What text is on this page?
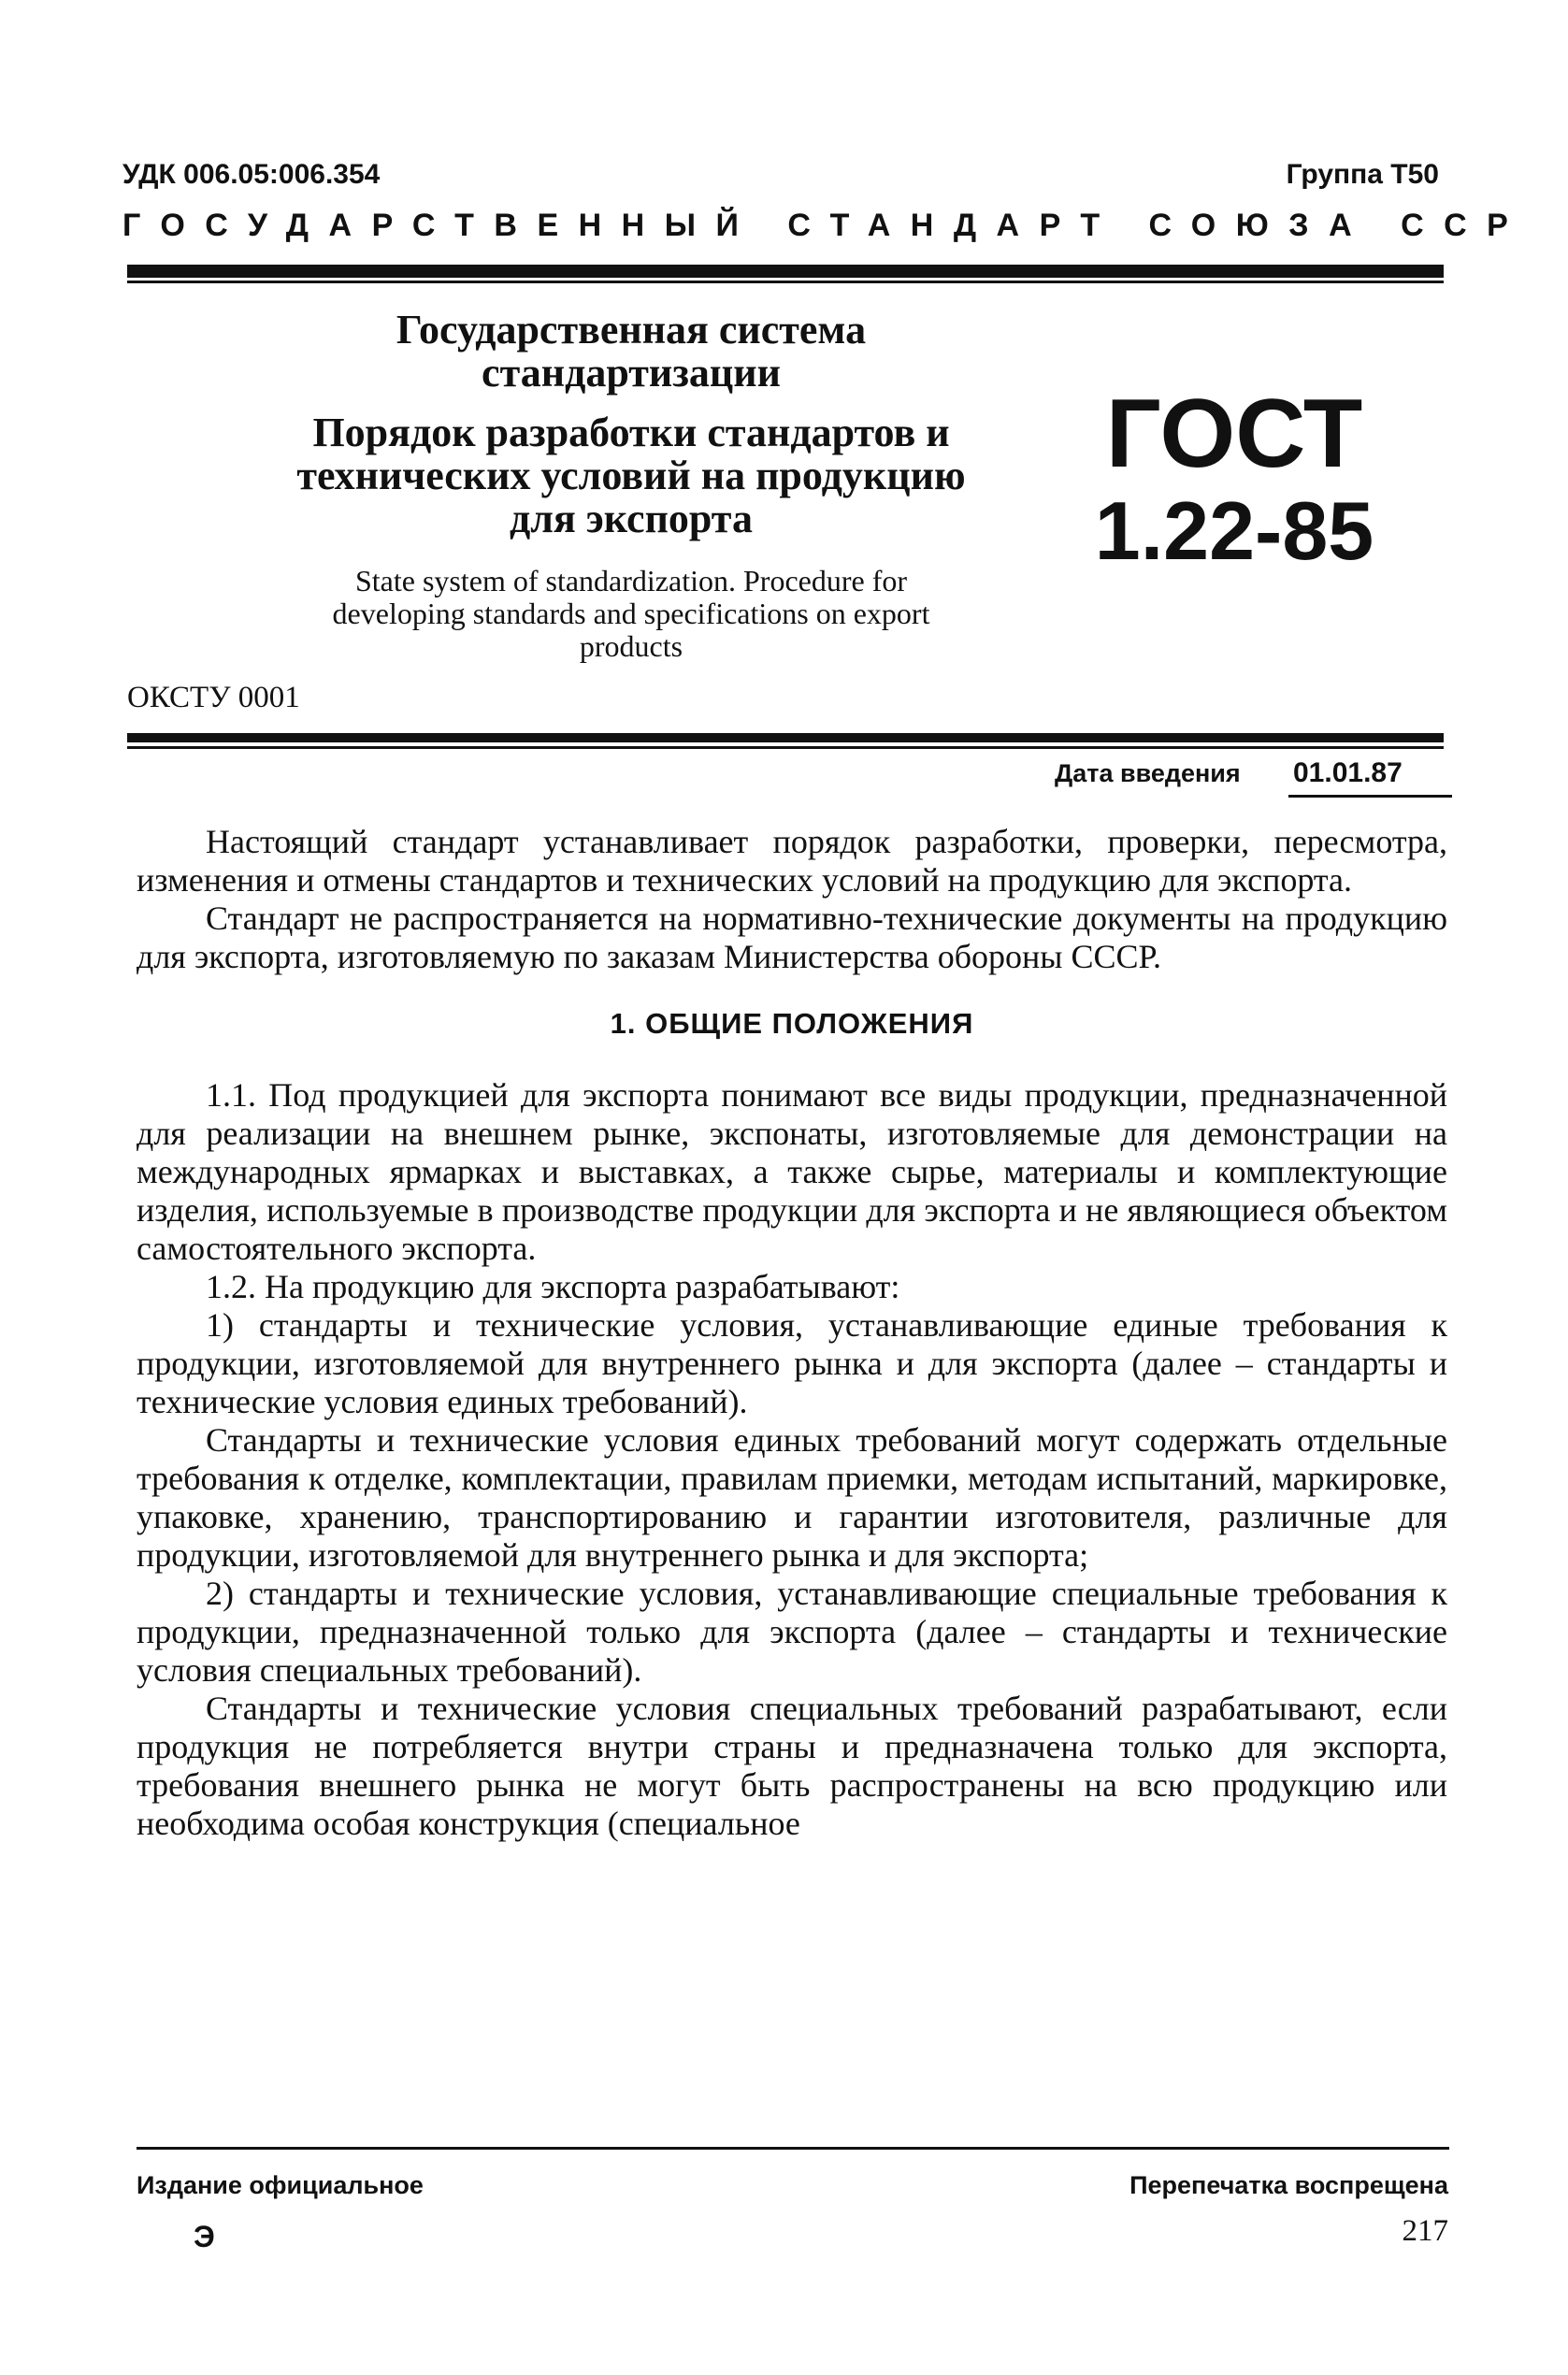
УДК 006.05:006.354	Группа Т50
ГОСУДАРСТВЕННЫЙ СТАНДАРТ СОЮЗА ССР
Государственная система стандартизации
Порядок разработки стандартов и технических условий на продукцию для экспорта
State system of standardization. Procedure for developing standards and specifications on export products
ГОСТ
1.22-85
ОКСТУ 0001
Дата введения 01.01.87

Настоящий стандарт устанавливает порядок разработки, проверки, пересмотра, изменения и отмены стандартов и технических условий на продукцию для экспорта.

Стандарт не распространяется на нормативно-технические документы на продукцию для экспорта, изготовляемую по заказам Министерства обороны СССР.

1. ОБЩИЕ ПОЛОЖЕНИЯ

1.1. Под продукцией для экспорта понимают все виды продукции, предназначенной для реализации на внешнем рынке, экспонаты, изготовляемые для демонстрации на международных ярмарках и выставках, а также сырье, материалы и комплектующие изделия, используемые в производстве продукции для экспорта и не являющиеся объектом самостоятельного экспорта.

1.2. На продукцию для экспорта разрабатывают:

1) стандарты и технические условия, устанавливающие единые требования к продукции, изготовляемой для внутреннего рынка и для экспорта (далее – стандарты и технические условия единых требований).

Стандарты и технические условия единых требований могут содержать отдельные требования к отделке, комплектации, правилам приемки, методам испытаний, маркировке, упаковке, хранению, транспортированию и гарантии изготовителя, различные для продукции, изготовляемой для внутреннего рынка и для экспорта;

2) стандарты и технические условия, устанавливающие специальные требования к продукции, предназначенной только для экспорта (далее – стандарты и технические условия специальных требований).

Стандарты и технические условия специальных требований разрабатывают, если продукция не потребляется внутри страны и предназначена только для экспорта, требования внешнего рынка не могут быть распространены на всю продукцию или необходима особая конструкция (специальное

Издание официальное	Перепечатка воспрещена
Э	217
